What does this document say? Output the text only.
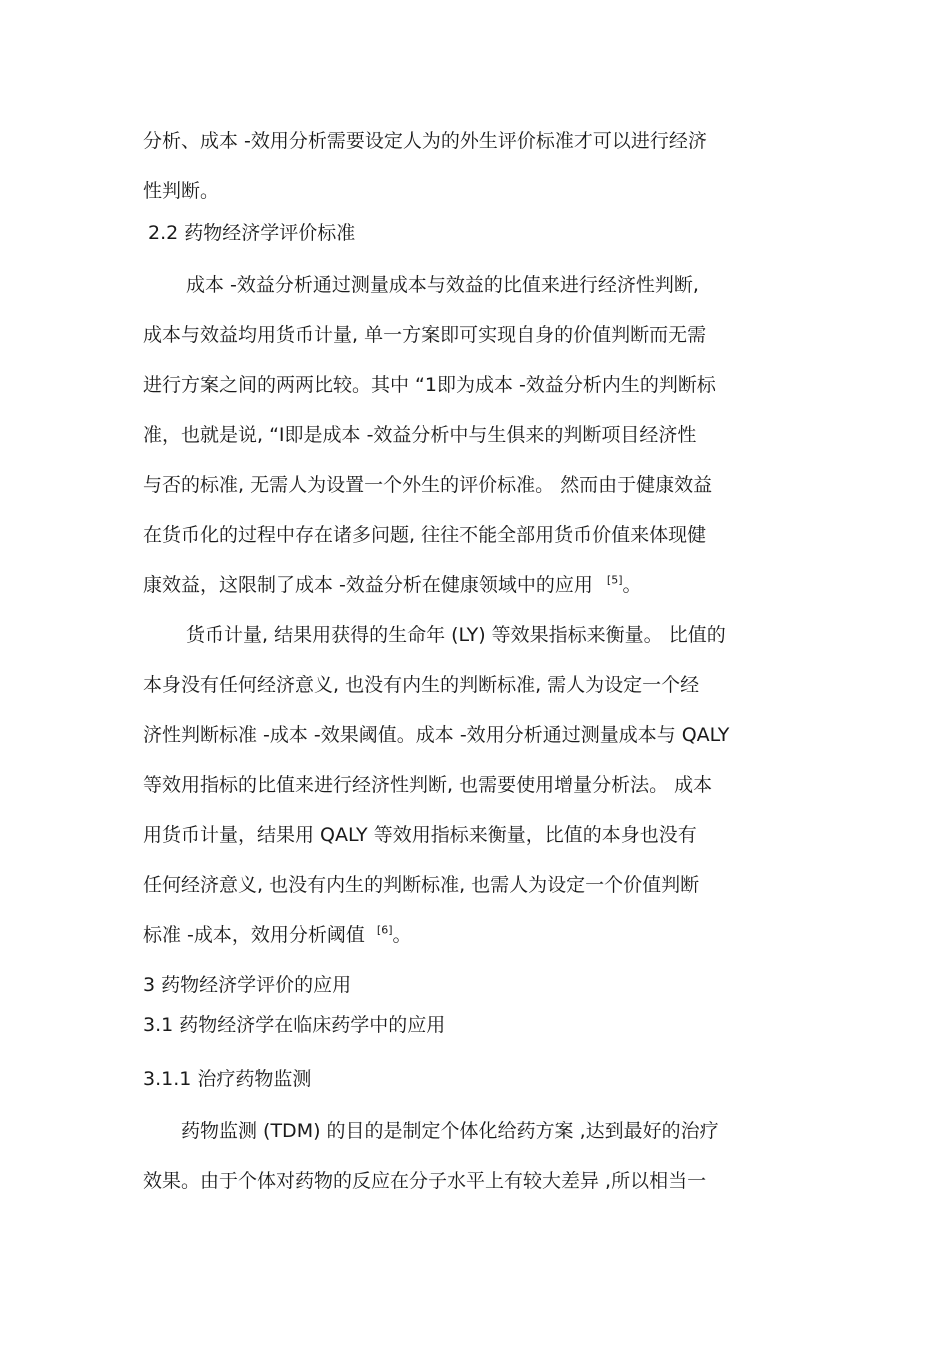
分析、成本 -效用分析需要设定人为的外生评价标准才可以进行经济
性判断。
2.2 药物经济学评价标准
成本 -效益分析通过测量成本与效益的比值来进行经济性判断,
成本与效益均用货币计量, 单一方案即可实现自身的价值判断而无需
进行方案之间的两两比较。其中 “1即为成本 -效益分析内生的判断标
准，也就是说, “I即是成本 -效益分析中与生俱来的判断项目经济性
与否的标准, 无需人为设置一个外生的评价标准。 然而由于健康效益
在货币化的过程中存在诸多问题, 往往不能全部用货币价值来体现健
康效益，这限制了成本 -效益分析在健康领域中的应用 [5]。
货币计量, 结果用获得的生命年 (LY) 等效果指标来衡量。 比值的
本身没有任何经济意义, 也没有内生的判断标准, 需人为设定一个经
济性判断标准 -成本 -效果阈值。成本 -效用分析通过测量成本与 QALY
等效用指标的比值来进行经济性判断, 也需要使用增量分析法。 成本
用货币计量，结果用 QALY 等效用指标来衡量，比值的本身也没有
任何经济意义, 也没有内生的判断标准, 也需人为设定一个价值判断
标准 -成本，效用分析阈值 [6]。
3 药物经济学评价的应用
3.1 药物经济学在临床药学中的应用
3.1.1 治疗药物监测
药物监测 (TDM) 的目的是制定个体化给药方案 ,达到最好的治疗
效果。由于个体对药物的反应在分子水平上有较大差异 ,所以相当一
